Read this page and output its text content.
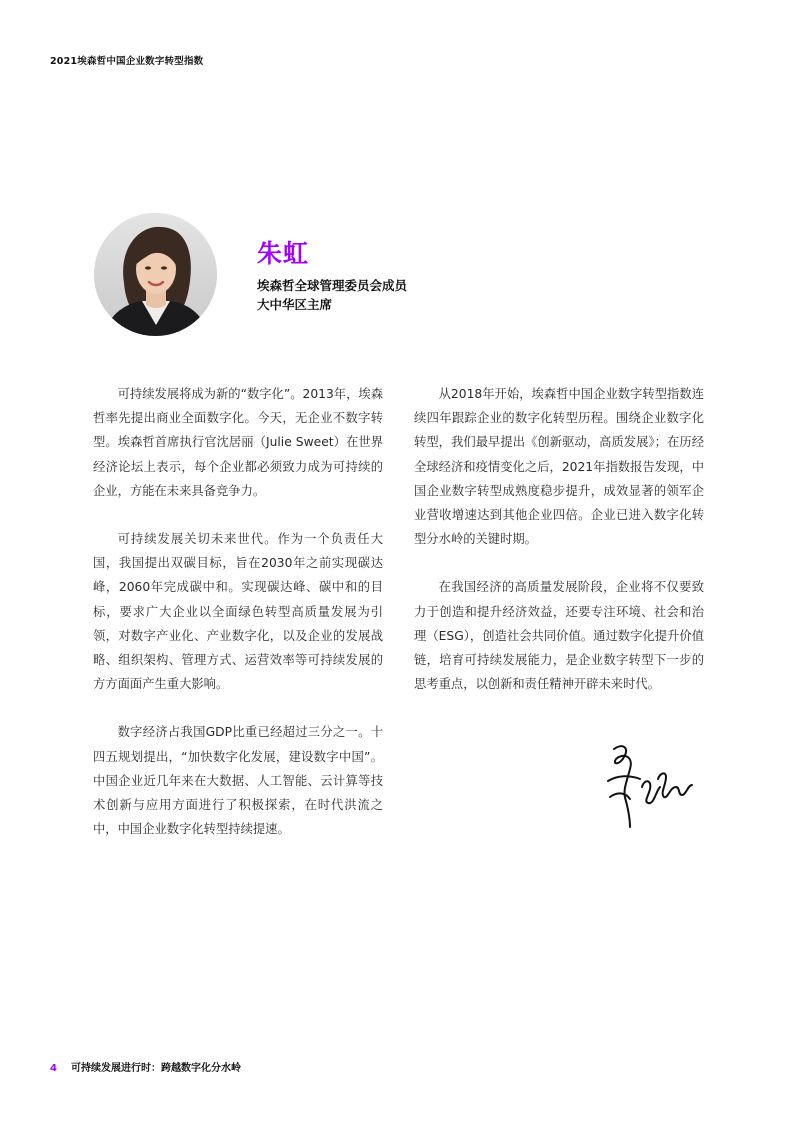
2021埃森哲中国企业数字转型指数
朱虹
埃森哲全球管理委员会成员
大中华区主席

可持续发展将成为新的“数字化”。2013年，埃森哲率先提出商业全面数字化。今天，无企业不数字转型。埃森哲首席执行官沈居丽（Julie Sweet）在世界经济论坛上表示，每个企业都必须致力成为可持续的企业，方能在未来具备竞争力。

可持续发展关切未来世代。作为一个负责任大国，我国提出双碳目标，旨在2030年之前实现碳达峰，2060年完成碳中和。实现碳达峰、碳中和的目标，要求广大企业以全面绿色转型高质量发展为引领，对数字产业化、产业数字化，以及企业的发展战略、组织架构、管理方式、运营效率等可持续发展的方方面面产生重大影响。

数字经济占我国GDP比重已经超过三分之一。十四五规划提出，“加快数字化发展，建设数字中国”。中国企业近几年来在大数据、人工智能、云计算等技术创新与应用方面进行了积极探索，在时代洪流之中，中国企业数字化转型持续提速。

从2018年开始，埃森哲中国企业数字转型指数连续四年跟踪企业的数字化转型历程。围绕企业数字化转型，我们最早提出《创新驱动，高质发展》；在历经全球经济和疫情变化之后，2021年指数报告发现，中国企业数字转型成熟度稳步提升，成效显著的领军企业营收增速达到其他企业四倍。企业已进入数字化转型分水岭的关键时期。

在我国经济的高质量发展阶段，企业将不仅要致力于创造和提升经济效益，还要专注环境、社会和治理（ESG），创造社会共同价值。通过数字化提升价值链，培育可持续发展能力，是企业数字转型下一步的思考重点，以创新和责任精神开辟未来时代。

4 可持续发展进行时：跨越数字化分水岭
